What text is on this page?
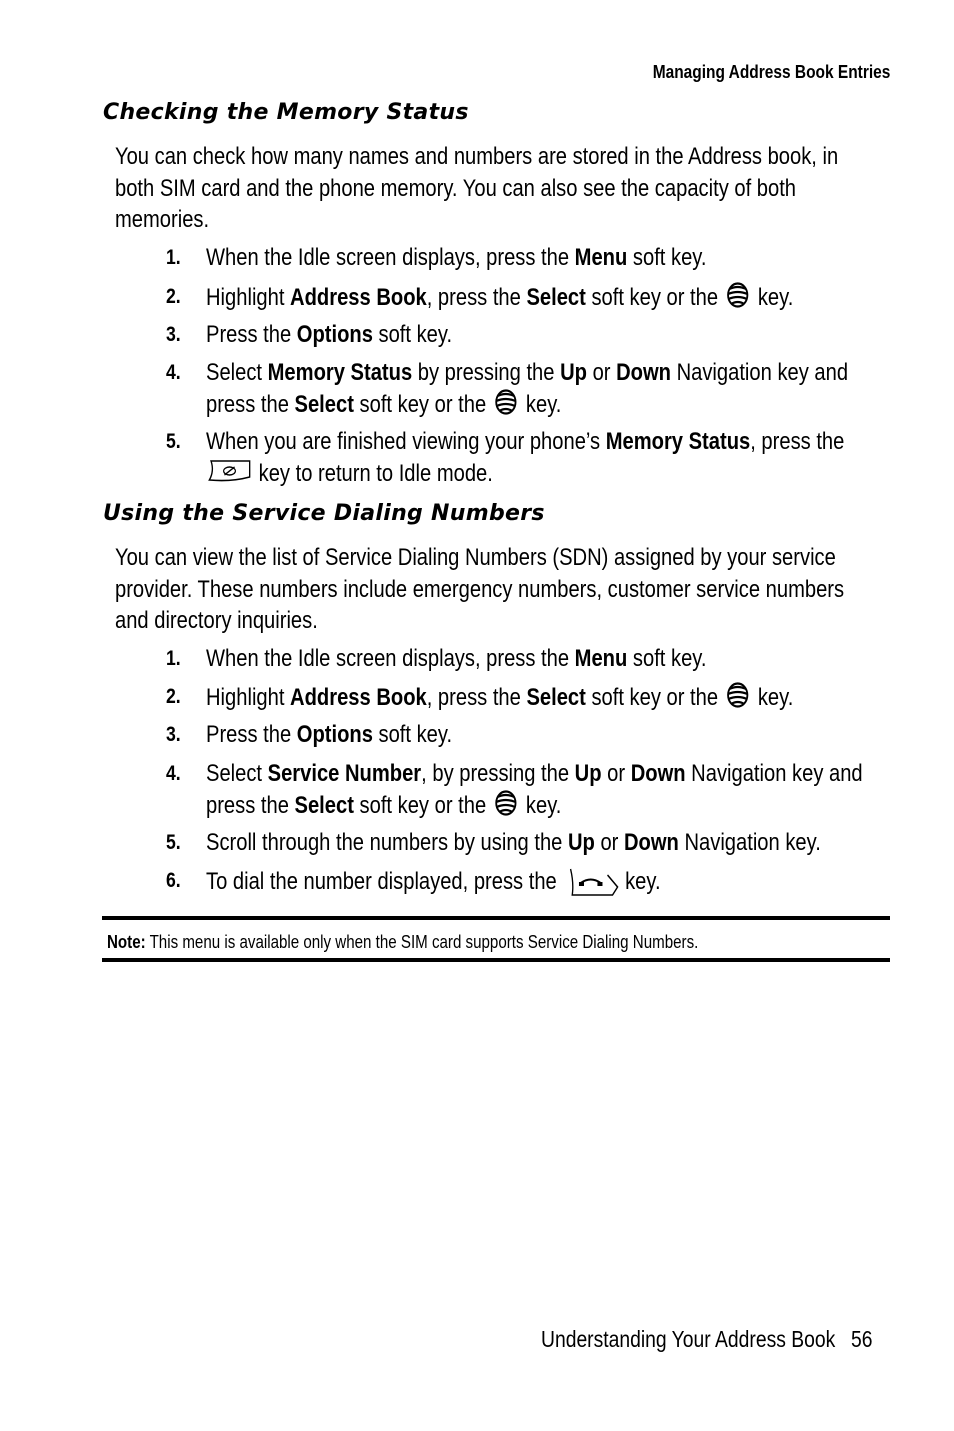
Managing Address Book Entries
Checking the Memory Status
You can check how many names and numbers are stored in the Address book, in
both SIM card and the phone memory. You can also see the capacity of both
memories.
1. When the Idle screen displays, press the Menu soft key.
2. Highlight Address Book, press the Select soft key or the  key.
3. Press the Options soft key.
4. Select Memory Status by pressing the Up or Down Navigation key and
press the Select soft key or the  key.
5. When you are finished viewing your phone’s Memory Status, press the
key to return to Idle mode.
Using the Service Dialing Numbers
You can view the list of Service Dialing Numbers (SDN) assigned by your service
provider. These numbers include emergency numbers, customer service numbers
and directory inquiries.
1. When the Idle screen displays, press the Menu soft key.
2. Highlight Address Book, press the Select soft key or the  key.
3. Press the Options soft key.
4. Select Service Number, by pressing the Up or Down Navigation key and
press the Select soft key or the  key.
5. Scroll through the numbers by using the Up or Down Navigation key.
6. To dial the number displayed, press the  key.
Note: This menu is available only when the SIM card supports Service Dialing Numbers.
Understanding Your Address Book 56
